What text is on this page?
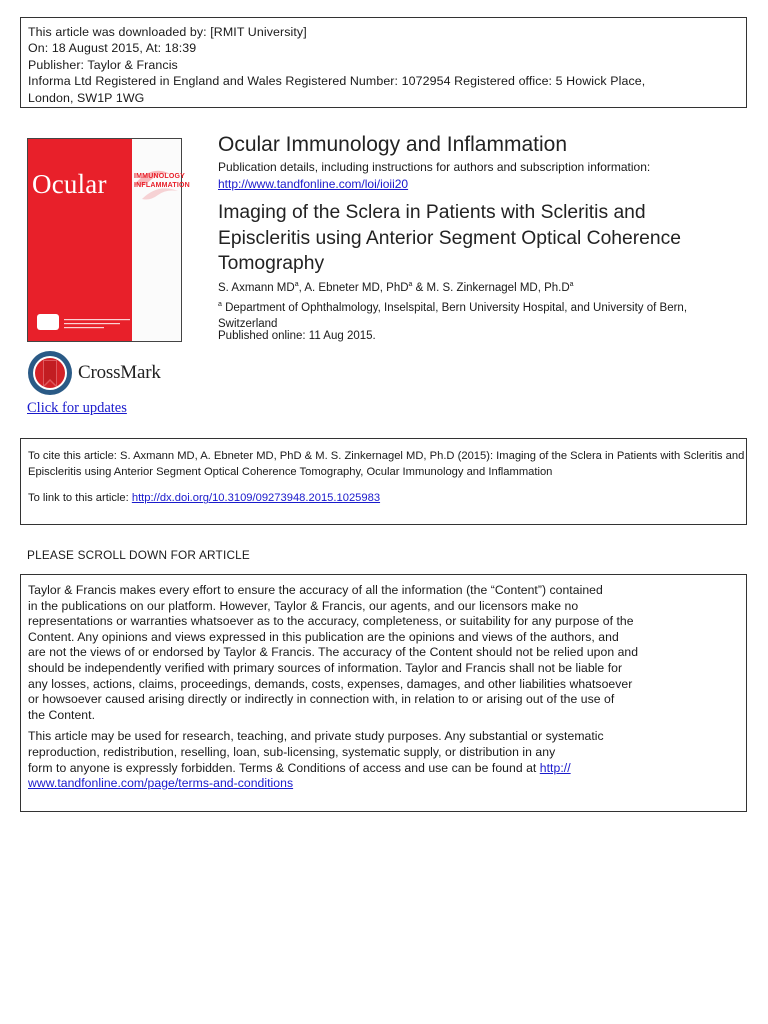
This article was downloaded by: [RMIT University]
On: 18 August 2015, At: 18:39
Publisher: Taylor & Francis
Informa Ltd Registered in England and Wales Registered Number: 1072954 Registered office: 5 Howick Place,
London, SW1P 1WG
Ocular	IMMUNOLOGY
INFLAMMATION
CrossMark
Click for updates
Ocular Immunology and Inflammation
Publication details, including instructions for authors and subscription information:
http://www.tandfonline.com/loi/ioii20
Imaging of the Sclera in Patients with Scleritis and Episcleritis using Anterior Segment Optical Coherence Tomography
S. Axmann $MD^a$, A. Ebneter MD, PhD$^a$ & M. S. Zinkernagel MD, $Ph.D^a$
$^a$ Department of Ophthalmology, Inselspital, Bern University Hospital, and University of Bern, Switzerland
Published online: 11 Aug 2015.
To cite this article: S. Axmann MD, A. Ebneter MD, PhD & M. S. Zinkernagel MD, Ph.D (2015): Imaging of the Sclera in Patients with Scleritis and Episcleritis using Anterior Segment Optical Coherence Tomography, Ocular Immunology and Inflammation
To link to this article: http://dx.doi.org/10.3109/09273948.2015.1025983
PLEASE SCROLL DOWN FOR ARTICLE
Taylor & Francis makes every effort to ensure the accuracy of all the information (the “Content”) contained
in the publications on our platform. However, Taylor & Francis, our agents, and our licensors make no
representations or warranties whatsoever as to the accuracy, completeness, or suitability for any purpose of the
Content. Any opinions and views expressed in this publication are the opinions and views of the authors, and
are not the views of or endorsed by Taylor & Francis. The accuracy of the Content should not be relied upon and
should be independently verified with primary sources of information. Taylor and Francis shall not be liable for
any losses, actions, claims, proceedings, demands, costs, expenses, damages, and other liabilities whatsoever
or howsoever caused arising directly or indirectly in connection with, in relation to or arising out of the use of
the Content.
This article may be used for research, teaching, and private study purposes. Any substantial or systematic
reproduction, redistribution, reselling, loan, sub-licensing, systematic supply, or distribution in any
form to anyone is expressly forbidden. Terms & Conditions of access and use can be found at http://
www.tandfonline.com/page/terms-and-conditions
